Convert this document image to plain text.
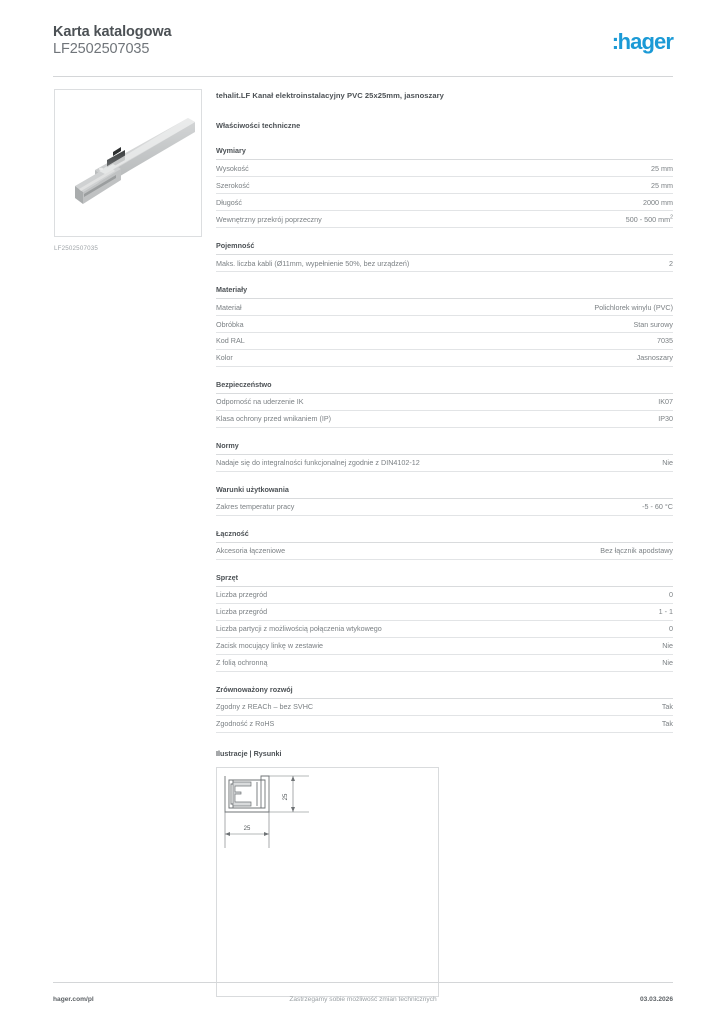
Karta katalogowa
LF2502507035	:hager
LF2502507035
tehalit.LF Kanał elektroinstalacyjny PVC 25x25mm, jasnoszary
Właściwości techniczne
Wymiary
Wysokość	25 mm
Szerokość	25 mm
Długość	2000 mm
Wewnętrzny przekrój poprzeczny	500 - 500 $mm^2$
Pojemność
Maks. liczba kabli (Ø11mm, wypełnienie 50%, bez urządzeń)	2
Materiały
Materiał	Polichlorek winylu (PVC)
Obróbka	Stan surowy
Kod RAL	7035
Kolor	Jasnoszary
Bezpieczeństwo
Odporność na uderzenie IK	IK07
Klasa ochrony przed wnikaniem (IP)	IP30
Normy
Nadaje się do integralności funkcjonalnej zgodnie z DIN4102-12	Nie
Warunki użytkowania
Zakres temperatur pracy	-5 - 60 °C
Łączność
Akcesoria łączeniowe	Bez łącznik apodstawy
Sprzęt
Liczba przegród	0
Liczba przegród	1 - 1
Liczba partycji z możliwością połączenia wtykowego	0
Zacisk mocujący linkę w zestawie	Nie
Z folią ochronną	Nie
Zrównoważony rozwój
Zgodny z REACh – bez SVHC	Tak
Zgodność z RoHS	Tak
Ilustracje | Rysunki
25
25
hager.com/pl	Zastrzegamy sobie możliwość zmian technicznych	03.03.2026
